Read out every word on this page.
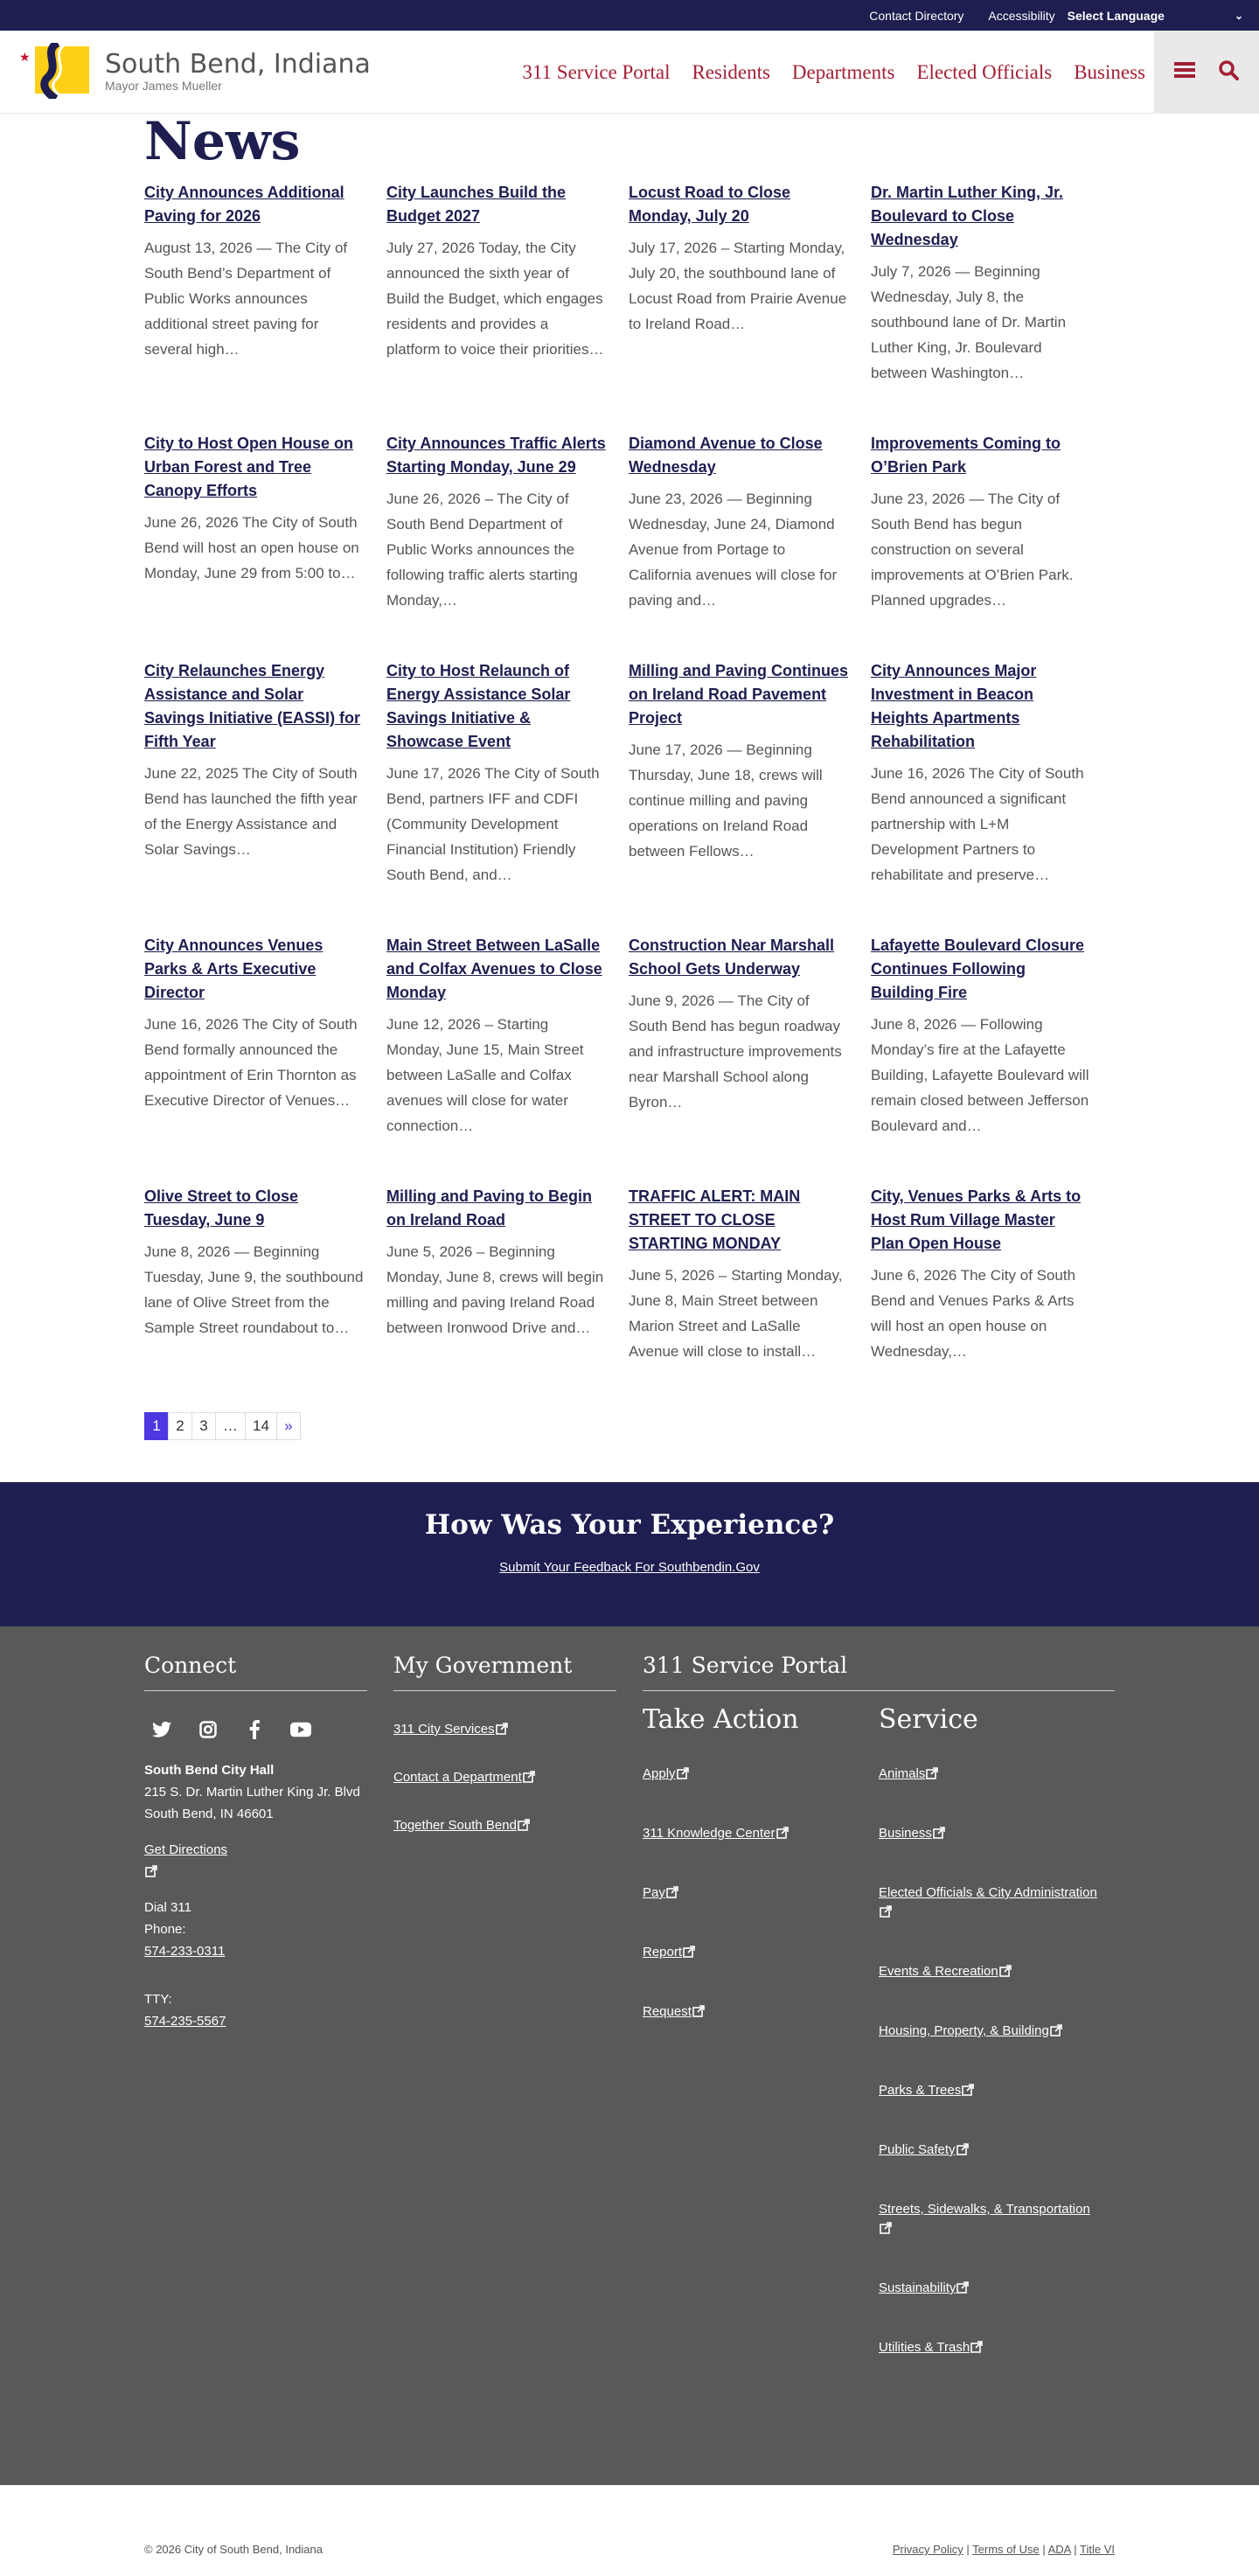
Contact Directory Accessibility Select Language	⌄
★	South Bend, Indiana
Mayor James Mueller
311 Service Portal Residents Departments Elected Officials Business
News
City Announces Additional Paving for 2026

August 13, 2026 — The City of South Bend’s Department of Public Works announces additional street paving for several high…

City Launches Build the Budget 2027

July 27, 2026 Today, the City announced the sixth year of Build the Budget, which engages residents and provides a platform to voice their priorities…

Locust Road to Close Monday, July 20

July 17, 2026 – Starting Monday, July 20, the southbound lane of Locust Road from Prairie Avenue to Ireland Road…

Dr. Martin Luther King, Jr. Boulevard to Close Wednesday

July 7, 2026 — Beginning Wednesday, July 8, the southbound lane of Dr. Martin Luther King, Jr. Boulevard between Washington…

City to Host Open House on Urban Forest and Tree Canopy Efforts

June 26, 2026 The City of South Bend will host an open house on Monday, June 29 from 5:00 to…

City Announces Traffic Alerts Starting Monday, June 29

June 26, 2026 – The City of South Bend Department of Public Works announces the following traffic alerts starting Monday,…

Diamond Avenue to Close Wednesday

June 23, 2026 — Beginning Wednesday, June 24, Diamond Avenue from Portage to California avenues will close for paving and…

Improvements Coming to O’Brien Park

June 23, 2026 — The City of South Bend has begun construction on several improvements at O’Brien Park. Planned upgrades…

City Relaunches Energy Assistance and Solar Savings Initiative (EASSI) for Fifth Year

June 22, 2025 The City of South Bend has launched the fifth year of the Energy Assistance and Solar Savings…

City to Host Relaunch of Energy Assistance Solar Savings Initiative & Showcase Event

June 17, 2026 The City of South Bend, partners IFF and CDFI (Community Development Financial Institution) Friendly South Bend, and…

Milling and Paving Continues on Ireland Road Pavement Project

June 17, 2026 — Beginning Thursday, June 18, crews will continue milling and paving operations on Ireland Road between Fellows…

City Announces Major Investment in Beacon Heights Apartments Rehabilitation

June 16, 2026 The City of South Bend announced a significant partnership with L+M Development Partners to rehabilitate and preserve…

City Announces Venues Parks & Arts Executive Director

June 16, 2026 The City of South Bend formally announced the appointment of Erin Thornton as Executive Director of Venues…

Main Street Between LaSalle and Colfax Avenues to Close Monday

June 12, 2026 – Starting Monday, June 15, Main Street between LaSalle and Colfax avenues will close for water connection…

Construction Near Marshall School Gets Underway

June 9, 2026 — The City of South Bend has begun roadway and infrastructure improvements near Marshall School along Byron…

Lafayette Boulevard Closure Continues Following Building Fire

June 8, 2026 — Following Monday’s fire at the Lafayette Building, Lafayette Boulevard will remain closed between Jefferson Boulevard and…

Olive Street to Close Tuesday, June 9

June 8, 2026 — Beginning Tuesday, June 9, the southbound lane of Olive Street from the Sample Street roundabout to…

Milling and Paving to Begin on Ireland Road

June 5, 2026 – Beginning Monday, June 8, crews will begin milling and paving Ireland Road between Ironwood Drive and…

TRAFFIC ALERT: MAIN STREET TO CLOSE STARTING MONDAY

June 5, 2026 – Starting Monday, June 8, Main Street between Marion Street and LaSalle Avenue will close to install…

City, Venues Parks & Arts to Host Rum Village Master Plan Open House

June 6, 2026 The City of South Bend and Venues Parks & Arts will host an open house on Wednesday,…

1	2	3	…	14	»
How Was Your Experience?
Submit Your Feedback For Southbendin.Gov
Connect
South Bend City Hall
215 S. Dr. Martin Luther King Jr. Blvd
South Bend, IN 46601
Get Directions

Dial 311
Phone:
574-233-0311
TTY:
574-235-5567
My Government
311 City Services
Contact a Department
Together South Bend
311 Service Portal
Take Action
Apply
311 Knowledge Center
Pay
Report
Request
Service
Animals
Business
Elected Officials & City Administration
Events & Recreation
Housing, Property, & Building
Parks & Trees
Public Safety
Streets, Sidewalks, & Transportation
Sustainability
Utilities & Trash
© 2026 City of South Bend, Indiana	Privacy Policy | Terms of Use | ADA | Title VI
